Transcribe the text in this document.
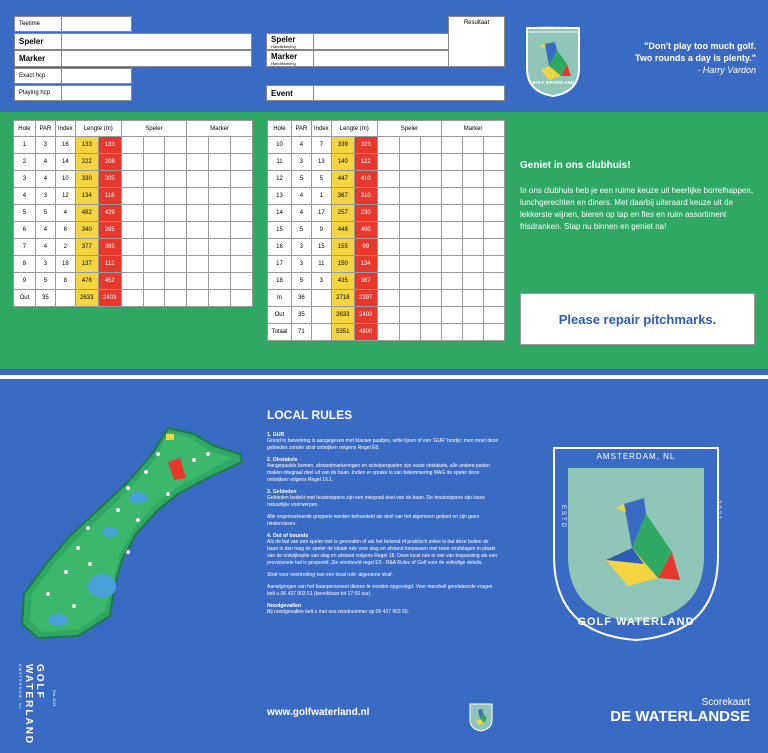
Teetime
Speler
Marker
Exact hcp
Playing hcp
Speler
Handtekening
Marker
Handtekening
Event
Resultaat
AMSTERDAM, NL
GOLF WATERLAND
"Don't play too much golf.
Two rounds a day is plenty."
- Harry Vardon
Hole	PAR	Index	Lengte (m)		Speler			Marker		
1	3	16	133	133						
2	4	14	222	208						
3	4	10	330	305						
4	3	12	134	116						
5	5	4	482	429						
6	4	6	340	285						
7	4	2	377	365						
8	3	18	137	112						
9	5	8	478	452						
Out	35		2633	2403						
Hole	PAR	Index	Lengte (m)		Speler			Marker		
10	4	7	339	323						
11	3	13	140	122						
12	5	5	447	410						
13	4	1	367	310						
14	4	17	257	230						
15	5	9	448	400						
16	3	15	155	99						
17	3	11	150	134						
18	5	3	435	367						
In	36		2718	2397						
Out	35		2633	2403						
Totaal	71		5351	4800						
Geniet in ons clubhuis!

In ons clubhuis heb je een ruime keuze uit heerlijke borrelhappen, lunchgerechten en diners. Met daarbij uiteraard keuze uit de lekkerste wijnen, bieren op tap en fles en ruim assortiment frisdranken. Stap nu binnen en geniet na!

Please repair pitchmarks.
LOCAL RULES
1. GUR

Grond in bewerking is aangegeven met blauwe paaltjes, witte lijnen of een 'GUR' bordje; men moet deze gebieden zonder straf ontwijken volgens Regel E8.

2. Obstakels

Aangepaalde bomen, afstandmarkeringen en schelpenpaden zijn vaste obstakels, alle andere paden maken integraal deel uit van de baan. Indien er sprake is van belemmering MAG de speler deze ontwijken volgens Regel 16.1.

3. Gebieden

Gebieden bedekt met houtsnippers zijn een integraal deel van de baan. De houtsnippers zijn losse natuurlijke voorwerpen.

Alle ongemarkeerde greppels worden behandeld als deel van het algemeen gebied en zijn geen hindernissen.

4. Out of bounds

Als de bal van een speler niet is gevonden of als het bekend of praktisch zeker is dat deze buiten de baan is dan mag de speler de lokale rule voor slag en afstand toepassen met twee strafslagen in plaats van de ontwijkoptie van slag en afstand volgens Regel 18. Deze local rule is niet van toepassing als een provisionele bal is gespeeld. Zie voorbeeld regel E5 - R&A Rules of Golf voor de volledige details.

Straf voor overtreding van een local rule: algemene straf.

Aanwijzingen van het baanpersoneel dienen te worden opgevolgd. Voor marshall gerelateerde vragen belt u 06 437 903 51 (bereikbaar tot 17:00 uur).

Noodgevallen

Bij noodgevallen belt u met ons noodnummer op 06 437 903 55.

www.golfwaterland.nl
AMSTERDAM, NL
ESTD	2021
GOLF WATERLAND
Scorekaart
DE WATERLANDSE
GOLF
WATERLAND
AMSTERDAM, NL	Est. 2021
